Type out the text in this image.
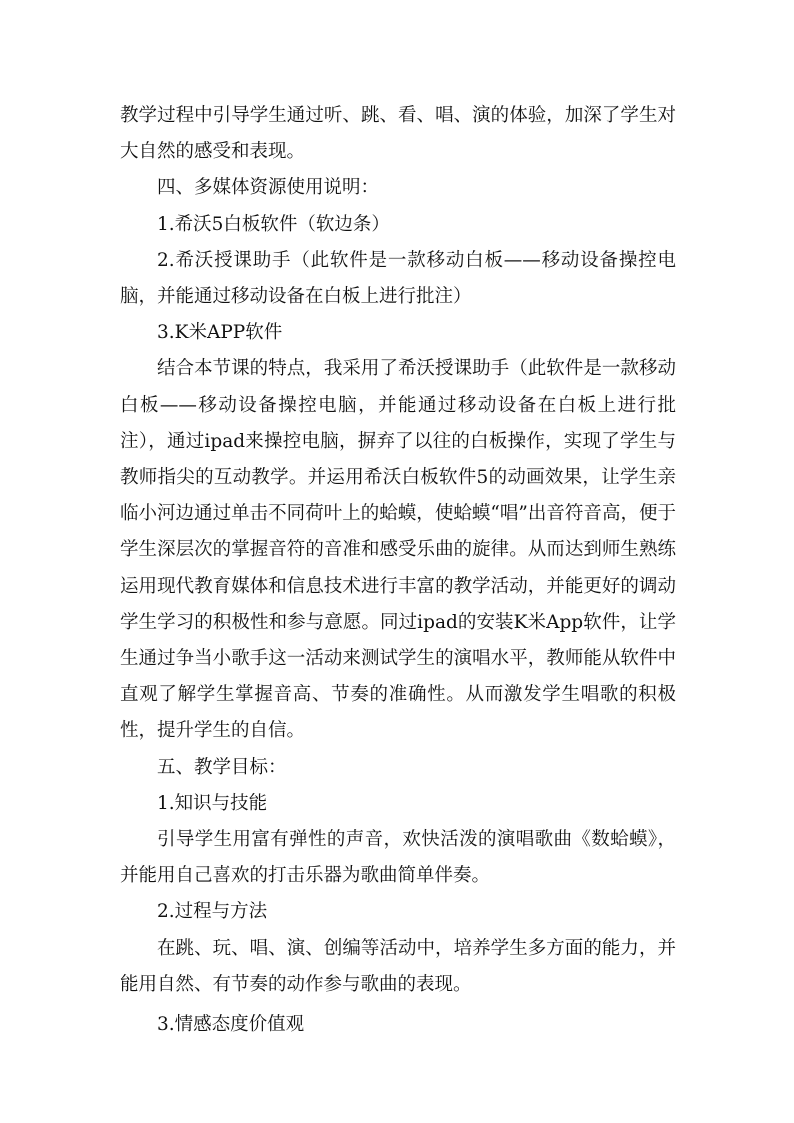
教学过程中引导学生通过听、跳、看、唱、演的体验，加深了学生对大自然的感受和表现。

四、多媒体资源使用说明：

1.希沃5白板软件（软边条）

2.希沃授课助手（此软件是一款移动白板——移动设备操控电脑，并能通过移动设备在白板上进行批注）

3.K米APP软件

结合本节课的特点，我采用了希沃授课助手（此软件是一款移动白板——移动设备操控电脑，并能通过移动设备在白板上进行批注），通过ipad来操控电脑，摒弃了以往的白板操作，实现了学生与教师指尖的互动教学。并运用希沃白板软件5的动画效果，让学生亲临小河边通过单击不同荷叶上的蛤蟆，使蛤蟆“唱”出音符音高，便于学生深层次的掌握音符的音准和感受乐曲的旋律。从而达到师生熟练运用现代教育媒体和信息技术进行丰富的教学活动，并能更好的调动学生学习的积极性和参与意愿。同过ipad的安装K米App软件，让学生通过争当小歌手这一活动来测试学生的演唱水平，教师能从软件中直观了解学生掌握音高、节奏的准确性。从而激发学生唱歌的积极性，提升学生的自信。

五、教学目标：

1.知识与技能

引导学生用富有弹性的声音，欢快活泼的演唱歌曲《数蛤蟆》，并能用自己喜欢的打击乐器为歌曲简单伴奏。

2.过程与方法

在跳、玩、唱、演、创编等活动中，培养学生多方面的能力，并能用自然、有节奏的动作参与歌曲的表现。

3.情感态度价值观
